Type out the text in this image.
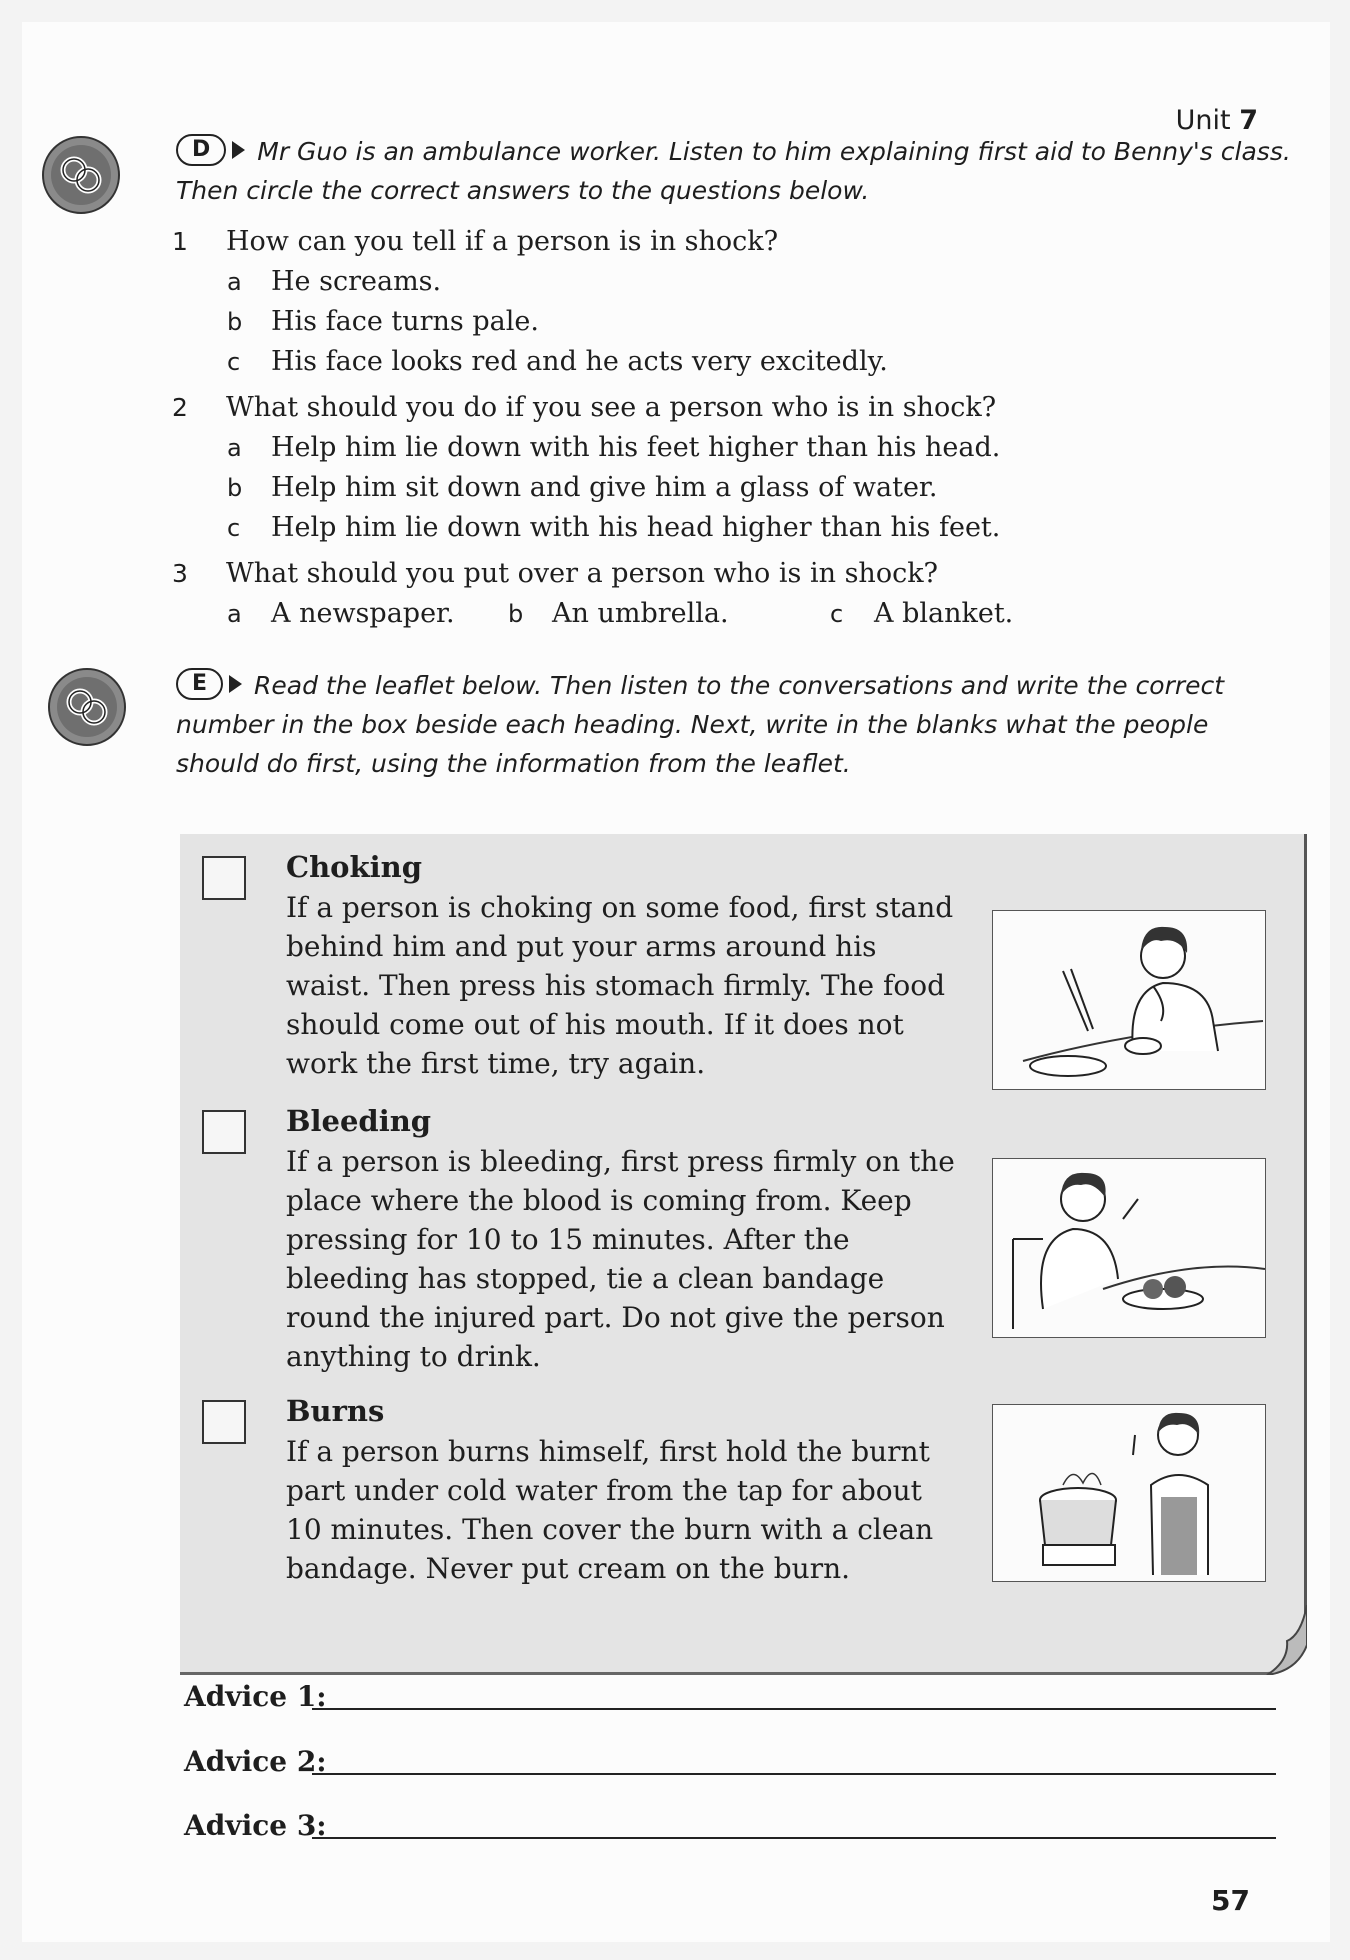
Unit 7
D	Mr Guo is an ambulance worker. Listen to him explaining first aid to Benny's class. Then circle the correct answers to the questions below.
1 How can you tell if a person is in shock?
a He screams.
b His face turns pale.
c His face looks red and he acts very excitedly.
2 What should you do if you see a person who is in shock?
a Help him lie down with his feet higher than his head.
b Help him sit down and give him a glass of water.
c Help him lie down with his head higher than his feet.
3 What should you put over a person who is in shock?
a A newspaper. b An umbrella.	c A blanket.
E	Read the leaflet below. Then listen to the conversations and write the correct number in the box beside each heading. Next, write in the blanks what the people should do first, using the information from the leaflet.
Choking
If a person is choking on some food, first stand behind him and put your arms around his waist. Then press his stomach firmly. The food should come out of his mouth. If it does not work the first time, try again.
Bleeding
If a person is bleeding, first press firmly on the place where the blood is coming from. Keep pressing for 10 to 15 minutes. After the bleeding has stopped, tie a clean bandage round the injured part. Do not give the person anything to drink.
Burns
If a person burns himself, first hold the burnt part under cold water from the tap for about 10 minutes. Then cover the burn with a clean bandage. Never put cream on the burn.
Advice 1:
Advice 2:
Advice 3:
57
